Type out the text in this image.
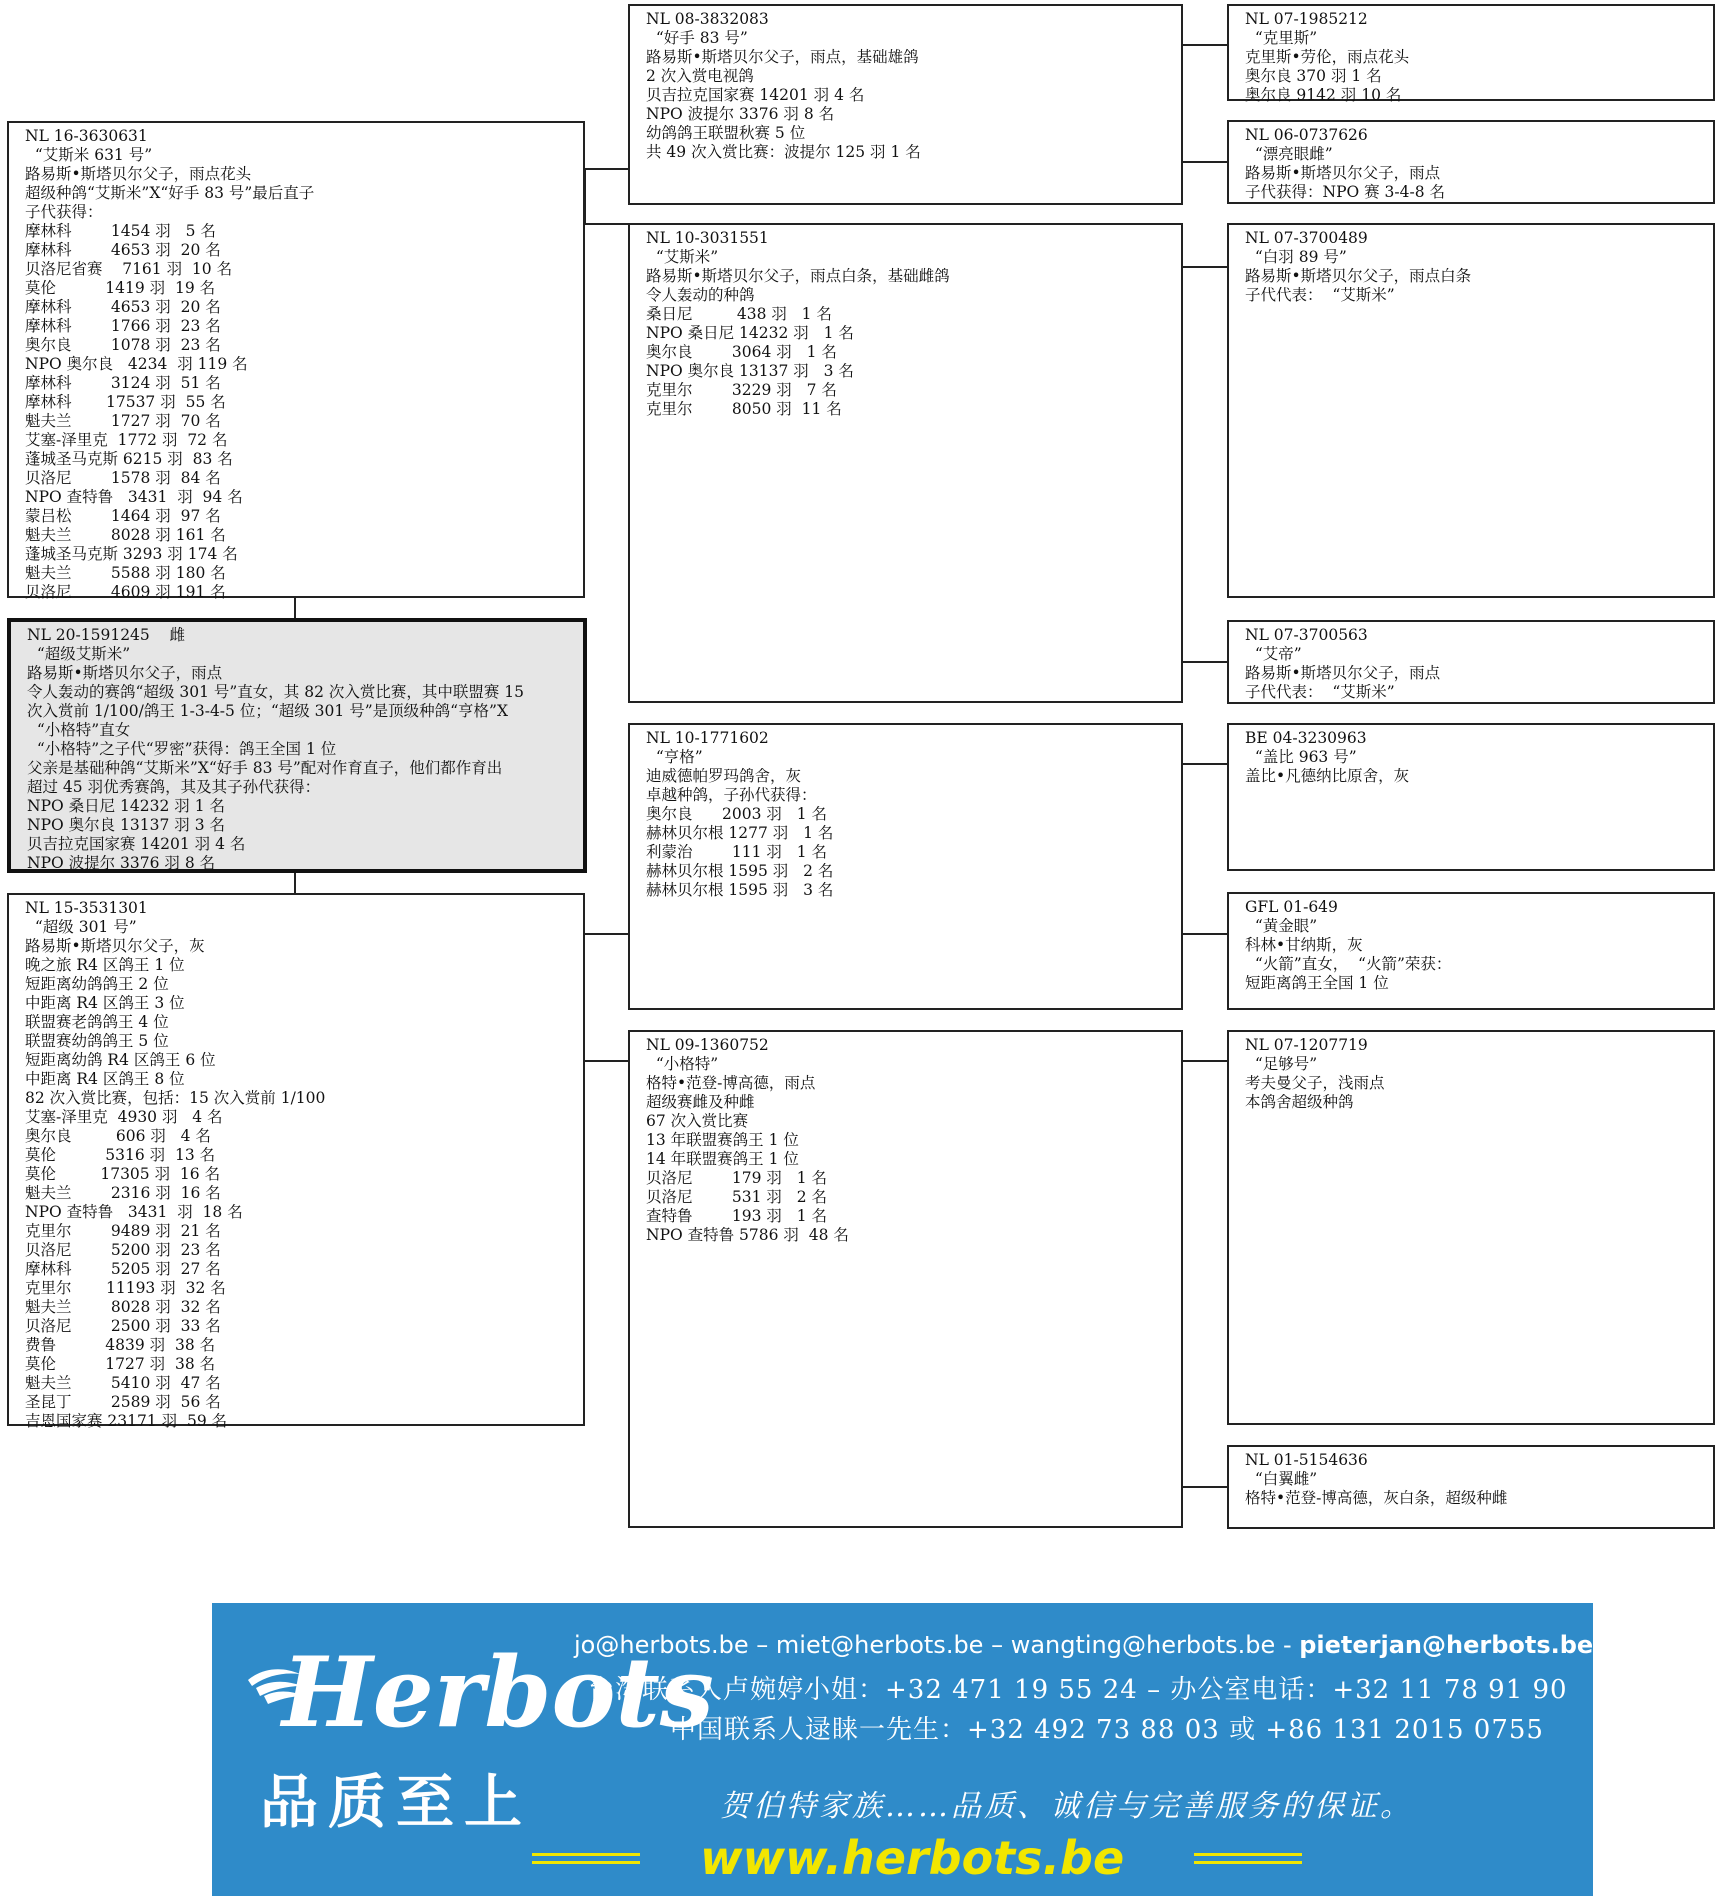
NL 16-3630631
“艾斯米 631 号”
路易斯•斯塔贝尔父子，雨点花头
超级种鸽“艾斯米”X“好手 83 号”最后直子
子代获得：
摩林科        1454 羽   5 名
摩林科        4653 羽  20 名
贝洛尼省赛    7161 羽  10 名
莫伦          1419 羽  19 名
摩林科        4653 羽  20 名
摩林科        1766 羽  23 名
奥尔良        1078 羽  23 名
NPO 奥尔良   4234  羽 119 名
摩林科        3124 羽  51 名
摩林科       17537 羽  55 名
魁夫兰        1727 羽  70 名
艾塞-泽里克  1772 羽  72 名
蓬城圣马克斯 6215 羽  83 名
贝洛尼        1578 羽  84 名
NPO 查特鲁   3431  羽  94 名
蒙吕松        1464 羽  97 名
魁夫兰        8028 羽 161 名
蓬城圣马克斯 3293 羽 174 名
魁夫兰        5588 羽 180 名
贝洛尼        4609 羽 191 名
NL 20-1591245    雌
“超级艾斯米”
路易斯•斯塔贝尔父子，雨点
令人轰动的赛鸽“超级 301 号”直女，其 82 次入赏比赛，其中联盟赛 15
次入赏前 1/100/鸽王 1-3-4-5 位；“超级 301 号”是顶级种鸽“亨格”X
“小格特”直女
“小格特”之子代“罗密”获得：鸽王全国 1 位
父亲是基础种鸽“艾斯米”X“好手 83 号”配对作育直子，他们都作育出
超过 45 羽优秀赛鸽，其及其子孙代获得：
NPO 桑日尼 14232 羽 1 名
NPO 奥尔良 13137 羽 3 名
贝吉拉克国家赛 14201 羽 4 名
NPO 波提尔 3376 羽 8 名
NL 15-3531301
“超级 301 号”
路易斯•斯塔贝尔父子，灰
晚之旅 R4 区鸽王 1 位
短距离幼鸽鸽王 2 位
中距离 R4 区鸽王 3 位
联盟赛老鸽鸽王 4 位
联盟赛幼鸽鸽王 5 位
短距离幼鸽 R4 区鸽王 6 位
中距离 R4 区鸽王 8 位
82 次入赏比赛，包括：15 次入赏前 1/100
艾塞-泽里克  4930 羽   4 名
奥尔良         606 羽   4 名
莫伦          5316 羽  13 名
莫伦         17305 羽  16 名
魁夫兰        2316 羽  16 名
NPO 查特鲁   3431  羽  18 名
克里尔        9489 羽  21 名
贝洛尼        5200 羽  23 名
摩林科        5205 羽  27 名
克里尔       11193 羽  32 名
魁夫兰        8028 羽  32 名
贝洛尼        2500 羽  33 名
费鲁          4839 羽  38 名
莫伦          1727 羽  38 名
魁夫兰        5410 羽  47 名
圣昆丁        2589 羽  56 名
吉恩国家赛 23171 羽  59 名
NL 08-3832083
“好手 83 号”
路易斯•斯塔贝尔父子，雨点，基础雄鸽
2 次入赏电视鸽
贝吉拉克国家赛 14201 羽 4 名
NPO 波提尔 3376 羽 8 名
幼鸽鸽王联盟秋赛 5 位
共 49 次入赏比赛：波提尔 125 羽 1 名
NL 10-3031551
“艾斯米”
路易斯•斯塔贝尔父子，雨点白条，基础雌鸽
令人轰动的种鸽
桑日尼         438 羽   1 名
NPO 桑日尼 14232 羽   1 名
奥尔良        3064 羽   1 名
NPO 奥尔良 13137 羽   3 名
克里尔        3229 羽   7 名
克里尔        8050 羽  11 名
NL 10-1771602
“亨格”
迪威德帕罗玛鸽舍，灰
卓越种鸽，子孙代获得：
奥尔良      2003 羽   1 名
赫林贝尔根 1277 羽   1 名
利蒙治        111 羽   1 名
赫林贝尔根 1595 羽   2 名
赫林贝尔根 1595 羽   3 名
NL 09-1360752
“小格特”
格特•范登-博高德，雨点
超级赛雌及种雌
67 次入赏比赛
13 年联盟赛鸽王 1 位
14 年联盟赛鸽王 1 位
贝洛尼        179 羽   1 名
贝洛尼        531 羽   2 名
查特鲁        193 羽   1 名
NPO 查特鲁 5786 羽  48 名
NL 07-1985212
“克里斯”
克里斯•劳伦，雨点花头
奥尔良 370 羽 1 名
奥尔良 9142 羽 10 名
NL 06-0737626
“漂亮眼雌”
路易斯•斯塔贝尔父子，雨点
子代获得：NPO 赛 3-4-8 名
NL 07-3700489
“白羽 89 号”
路易斯•斯塔贝尔父子，雨点白条
子代代表：  “艾斯米”
NL 07-3700563
“艾帝”
路易斯•斯塔贝尔父子，雨点
子代代表：  “艾斯米”
BE 04-3230963
“盖比 963 号”
盖比•凡德纳比原舍，灰
GFL 01-649
“黄金眼”
科林•甘纳斯，灰
“火箭”直女，  “火箭”荣获：
短距离鸽王全国 1 位
NL 07-1207719
“足够号”
考夫曼父子，浅雨点
本鸽舍超级种鸽
NL 01-5154636
“白翼雌”
格特•范登-博高德，灰白条，超级种雌
Herbots
品质至上
jo@herbots.be – miet@herbots.be – wangting@herbots.be - pieterjan@herbots.be
台湾联系人卢婉婷小姐：+32 471 19 55 24 – 办公室电话：+32 11 78 91 90
中国联系人逯睐一先生：+32 492 73 88 03 或 +86 131 2015 0755
贺伯特家族……品质、诚信与完善服务的保证。
www.herbots.be
